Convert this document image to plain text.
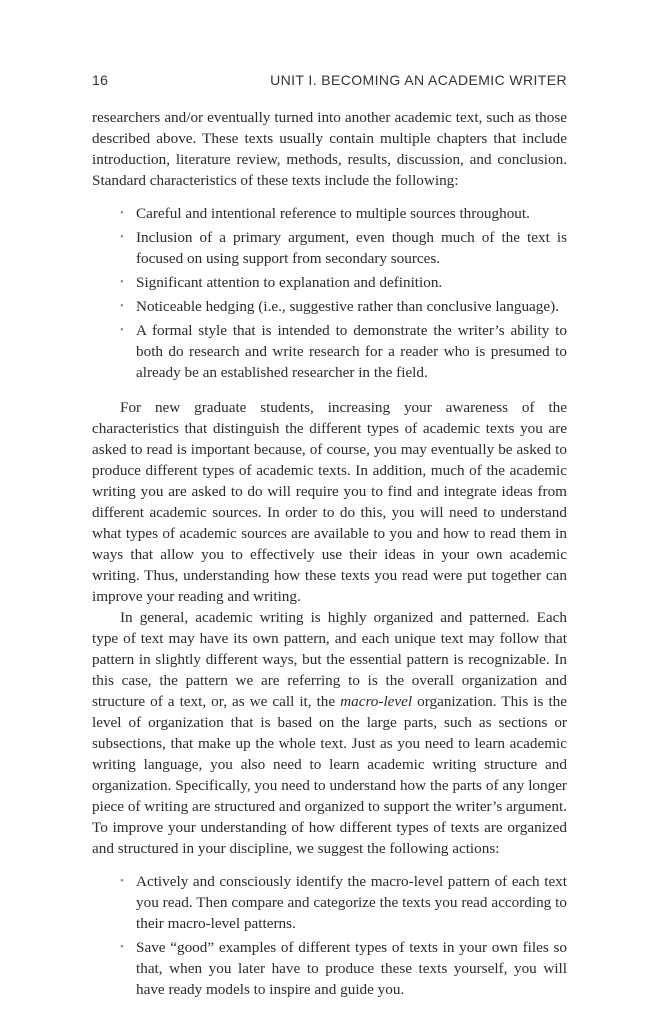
16	UNIT I. BECOMING AN ACADEMIC WRITER

researchers and/or eventually turned into another academic text, such as those described above. These texts usually contain multiple chapters that include introduction, literature review, methods, results, discussion, and conclusion. Standard characteristics of these texts include the following:

• Careful and intentional reference to multiple sources throughout.
• Inclusion of a primary argument, even though much of the text is focused on using support from secondary sources.
• Significant attention to explanation and definition.
• Noticeable hedging (i.e., suggestive rather than conclusive language).
• A formal style that is intended to demonstrate the writer’s ability to both do research and write research for a reader who is presumed to already be an established researcher in the field.

For new graduate students, increasing your awareness of the characteristics that distinguish the different types of academic texts you are asked to read is important because, of course, you may eventually be asked to produce different types of academic texts. In addition, much of the academic writing you are asked to do will require you to find and integrate ideas from different academic sources. In order to do this, you will need to understand what types of academic sources are available to you and how to read them in ways that allow you to effectively use their ideas in your own academic writing. Thus, understanding how these texts you read were put together can improve your reading and writing.

In general, academic writing is highly organized and patterned. Each type of text may have its own pattern, and each unique text may follow that pattern in slightly different ways, but the essential pattern is recognizable. In this case, the pattern we are referring to is the overall organization and structure of a text, or, as we call it, the macro-level organization. This is the level of organization that is based on the large parts, such as sections or subsections, that make up the whole text. Just as you need to learn academic writing language, you also need to learn academic writing structure and organization. Specifically, you need to understand how the parts of any longer piece of writing are structured and organized to support the writer’s argument. To improve your understanding of how different types of texts are organized and structured in your discipline, we suggest the following actions:

• Actively and consciously identify the macro-level pattern of each text you read. Then compare and categorize the texts you read according to their macro-level patterns.
• Save “good” examples of different types of texts in your own files so that, when you later have to produce these texts yourself, you will have ready models to inspire and guide you.
